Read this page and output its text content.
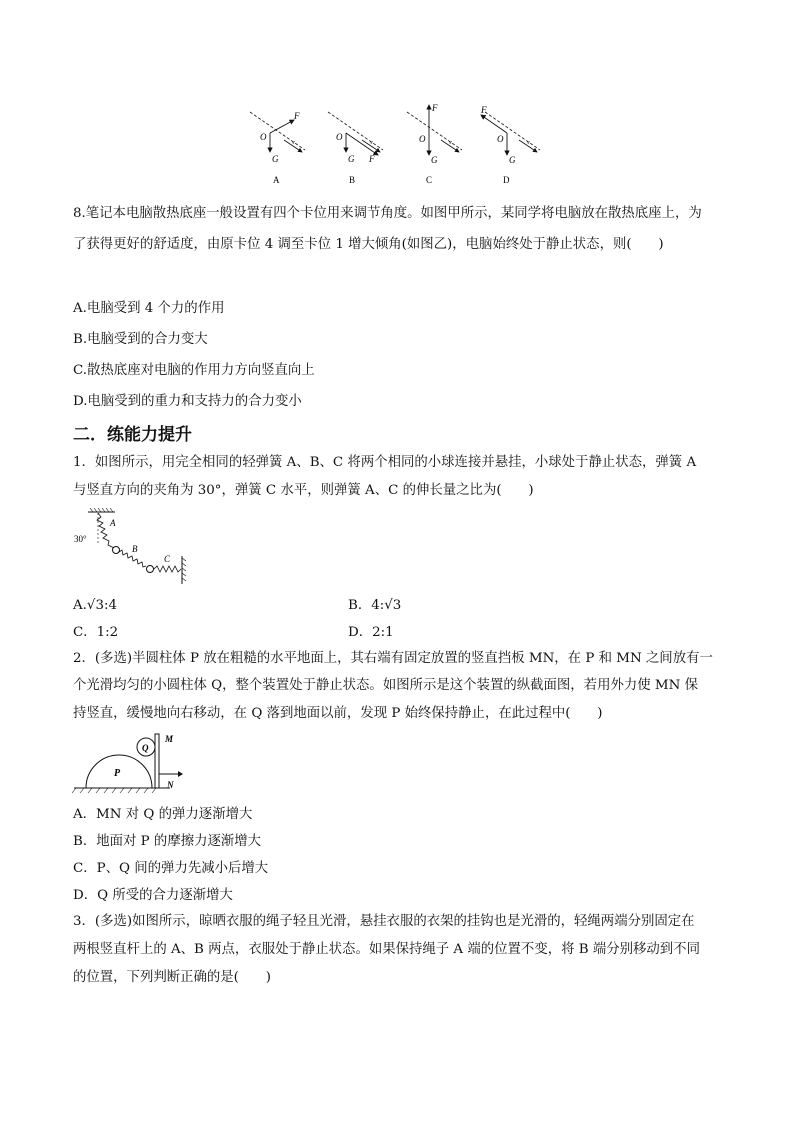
O
F
G
v
A
O
F
G
v
B
O
F
G
v
C
O
F
G
v
D
8.笔记本电脑散热底座一般设置有四个卡位用来调节角度。如图甲所示，某同学将电脑放在散热底座上，为
了获得更好的舒适度，由原卡位 4 调至卡位 1 增大倾角(如图乙)，电脑始终处于静止状态，则(　　)
A.电脑受到 4 个力的作用
B.电脑受到的合力变大
C.散热底座对电脑的作用力方向竖直向上
D.电脑受到的重力和支持力的合力变小
二．练能力提升
1．如图所示，用完全相同的轻弹簧 A、B、C 将两个相同的小球连接并悬挂，小球处于静止状态，弹簧 A
与竖直方向的夹角为 30°，弹簧 C 水平，则弹簧 A、C 的伸长量之比为(　　)
30°
A
B
C
A.√3:4	B．4:√3
C．1:2	D．2:1
2．(多选)半圆柱体 P 放在粗糙的水平地面上，其右端有固定放置的竖直挡板 MN，在 P 和 MN 之间放有一
个光滑均匀的小圆柱体 Q，整个装置处于静止状态。如图所示是这个装置的纵截面图，若用外力使 MN 保
持竖直，缓慢地向右移动，在 Q 落到地面以前，发现 P 始终保持静止，在此过程中(　　)
P
Q
M
N
A．MN 对 Q 的弹力逐渐增大
B．地面对 P 的摩擦力逐渐增大
C．P、Q 间的弹力先减小后增大
D．Q 所受的合力逐渐增大
3．(多选)如图所示，晾晒衣服的绳子轻且光滑，悬挂衣服的衣架的挂钩也是光滑的，轻绳两端分别固定在
两根竖直杆上的 A、B 两点，衣服处于静止状态。如果保持绳子 A 端的位置不变，将 B 端分别移动到不同
的位置，下列判断正确的是(　　)
